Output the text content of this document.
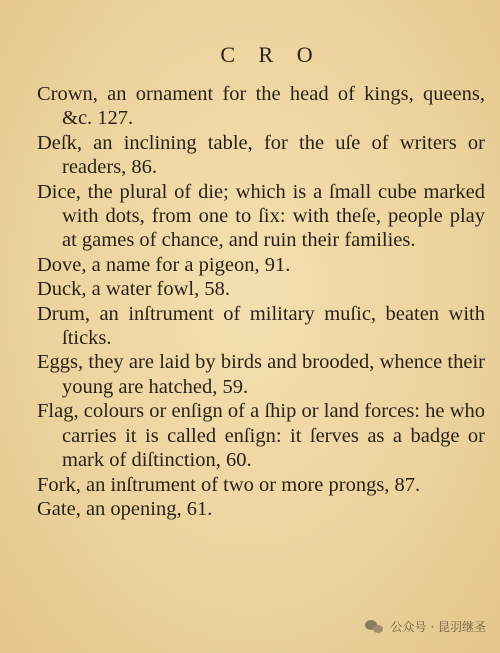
C R O

Crown, an ornament for the head of kings, queens, &c. 127.

Deſk, an inclining table, for the uſe of writers or readers, 86.

Dice, the plural of die; which is a ſmall cube marked with dots, from one to ſix: with theſe, people play at games of chance, and ruin their families.

Dove, a name for a pigeon, 91.

Duck, a water fowl, 58.

Drum, an inſtrument of military muſic, beaten with ſticks.

Eggs, they are laid by birds and brooded, whence their young are hatched, 59.

Flag, colours or enſign of a ſhip or land forces: he who carries it is called enſign: it ſerves as a badge or mark of diſtinction, 60.

Fork, an inſtrument of two or more prongs, 87.

Gate, an opening, 61.

公众号 · 昆羽继圣
